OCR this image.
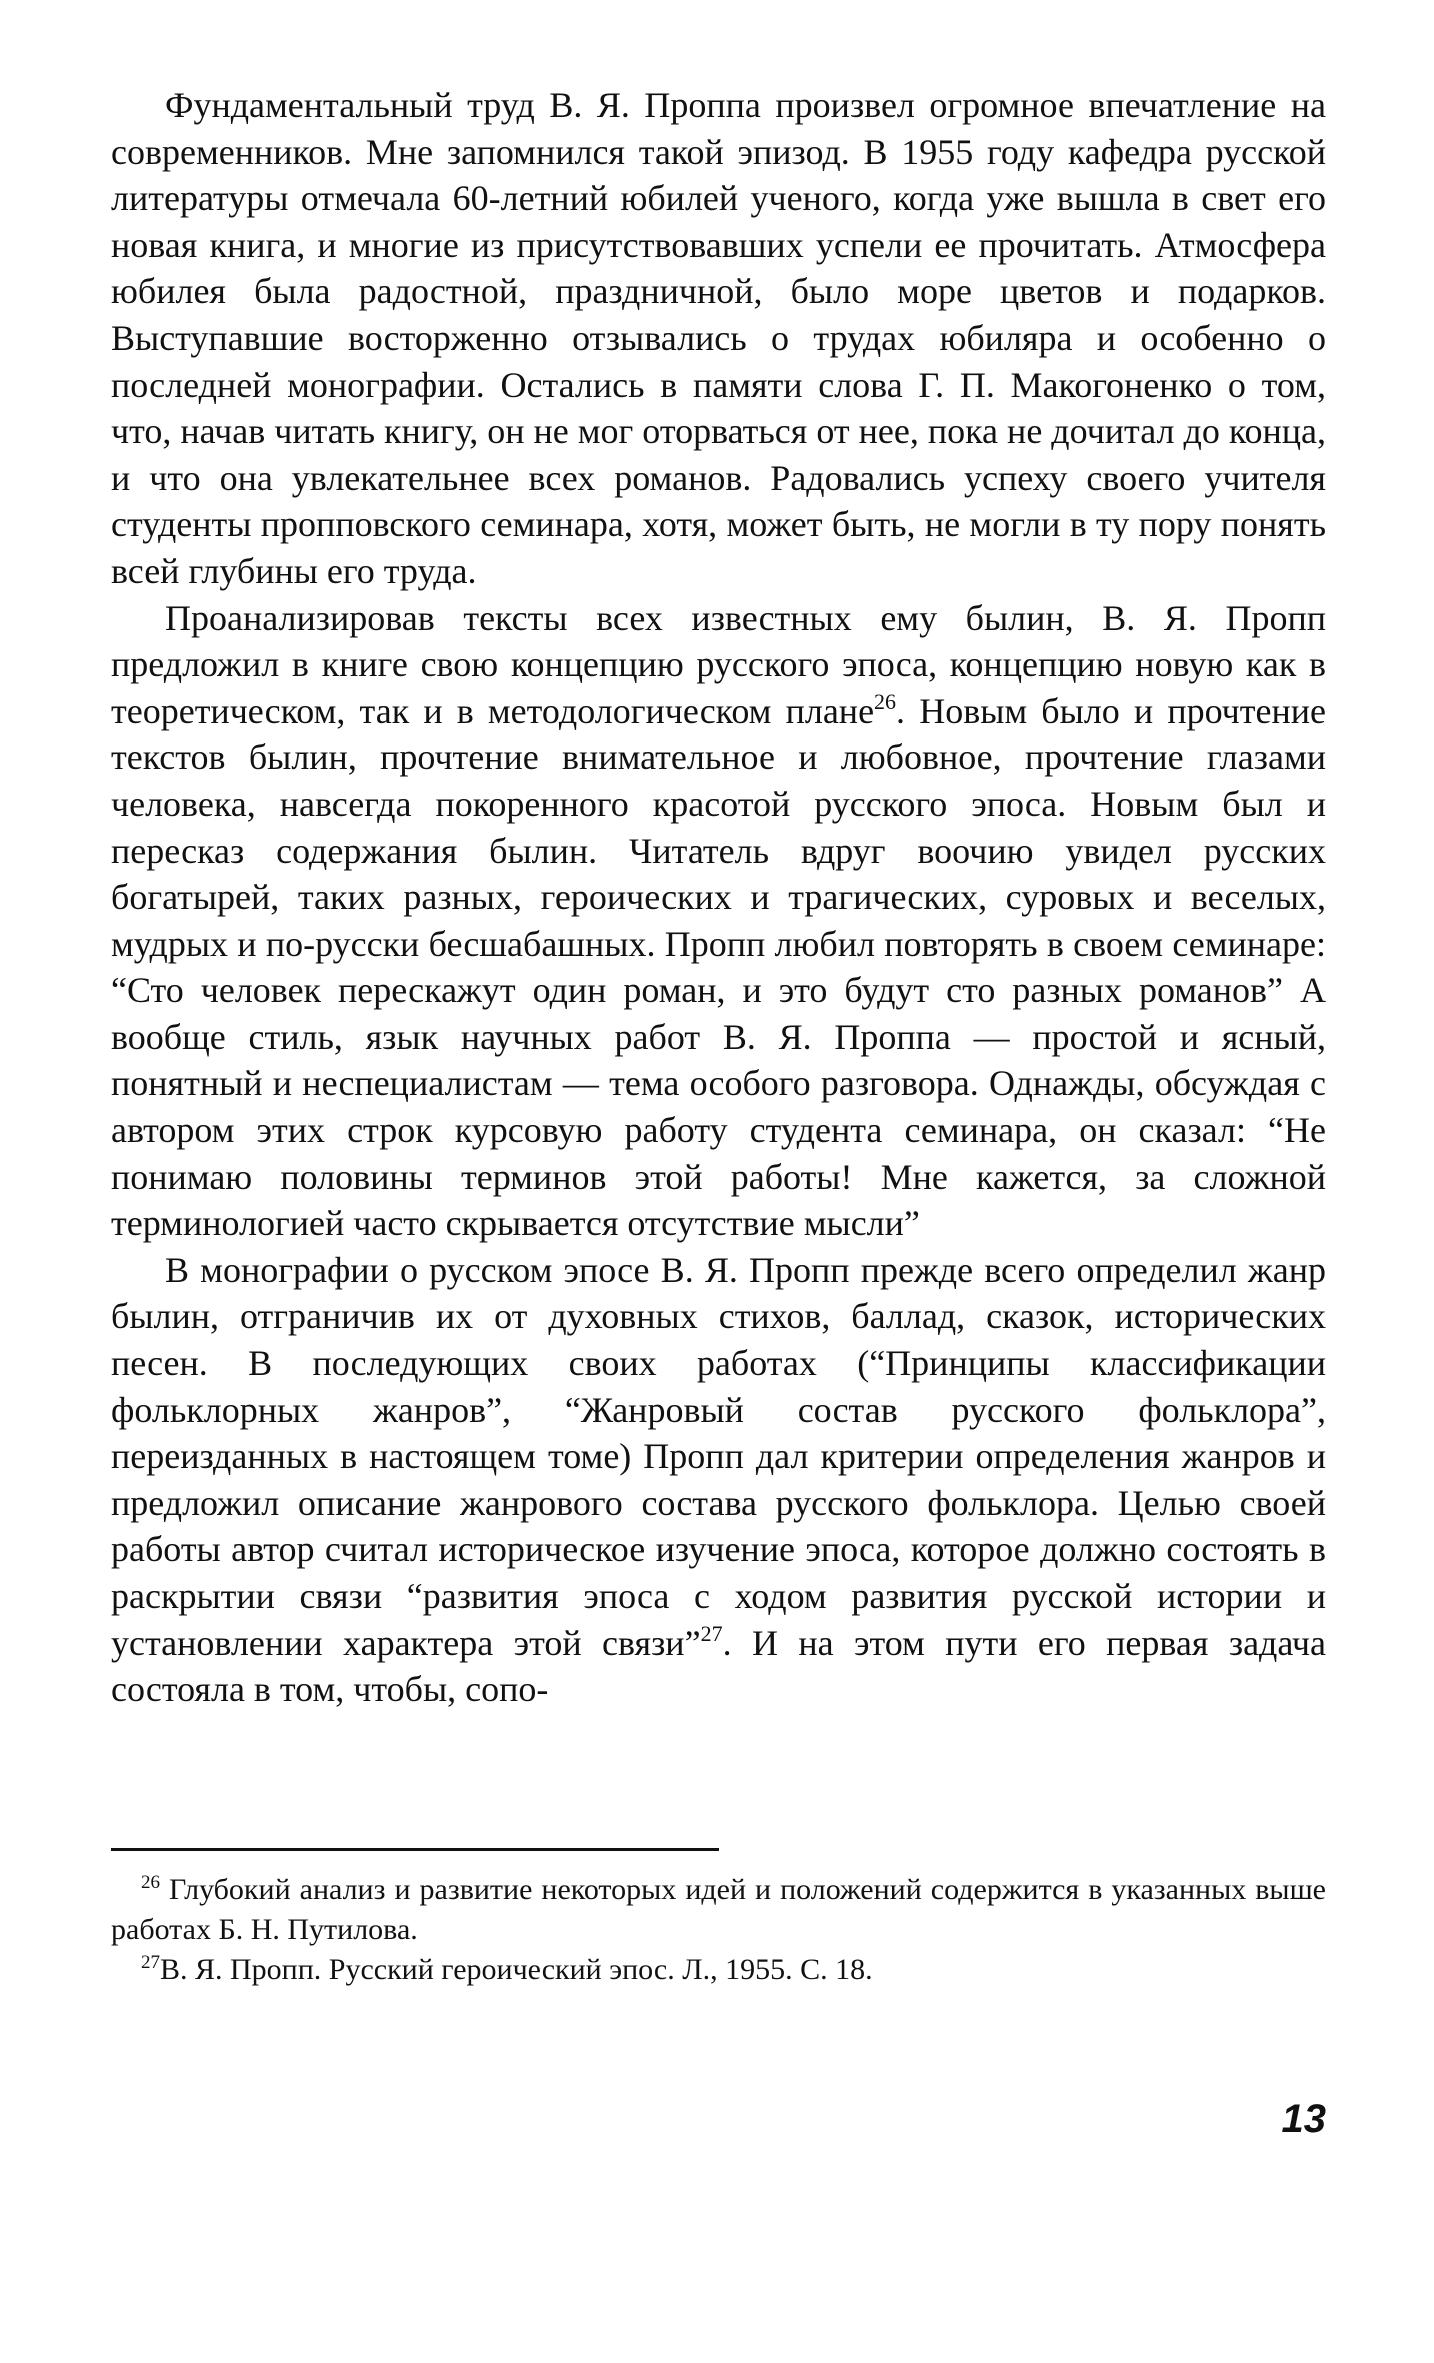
Фундаментальный труд В. Я. Проппа произвел огромное впечатление на современников. Мне запомнился такой эпизод. В 1955 году кафедра русской литературы отмечала 60-летний юбилей ученого, когда уже вышла в свет его новая книга, и многие из присутствовавших успели ее прочитать. Атмосфера юбилея была радостной, праздничной, было море цветов и подарков. Выступавшие восторженно отзывались о трудах юбиляра и особенно о последней монографии. Остались в памяти слова Г. П. Макогоненко о том, что, начав читать книгу, он не мог оторваться от нее, пока не дочитал до конца, и что она увлекательнее всех романов. Радовались успеху своего учителя студенты пропповского семинара, хотя, может быть, не могли в ту пору понять всей глубины его труда.

Проанализировав тексты всех известных ему былин, В. Я. Пропп предложил в книге свою концепцию русского эпоса, концепцию новую как в теоретическом, так и в методологическом плане$^{26}$. Новым было и прочтение текстов былин, прочтение внимательное и любовное, прочтение глазами человека, навсегда покоренного красотой русского эпоса. Новым был и пересказ содержания былин. Читатель вдруг воочию увидел русских богатырей, таких разных, героических и трагических, суровых и веселых, мудрых и по-русски бесшабашных. Пропп любил повторять в своем семинаре: “Сто человек перескажут один роман, и это будут сто разных романов” А вообще стиль, язык научных работ В. Я. Проппа — простой и ясный, понятный и неспециалистам — тема особого разговора. Однажды, обсуждая с автором этих строк курсовую работу студента семинара, он сказал: “Не понимаю половины терминов этой работы! Мне кажется, за сложной терминологией часто скрывается отсутствие мысли”

В монографии о русском эпосе В. Я. Пропп прежде всего определил жанр былин, отграничив их от духовных стихов, баллад, сказок, исторических песен. В последующих своих работах (“Принципы классификации фольклорных жанров”, “Жанровый состав русского фольклора”, переизданных в настоящем томе) Пропп дал критерии определения жанров и предложил описание жанрового состава русского фольклора. Целью своей работы автор считал историческое изучение эпоса, которое должно состоять в раскрытии связи “развития эпоса с ходом развития русской истории и установлении характера этой связи”$^{27}$. И на этом пути его первая задача состояла в том, чтобы, сопо-

$^{26}$ Глубокий анализ и развитие некоторых идей и положений содержится в указанных выше работах Б. Н. Путилова.

$^{27}$В. Я. Пропп. Русский героический эпос. Л., 1955. С. 18.

13
